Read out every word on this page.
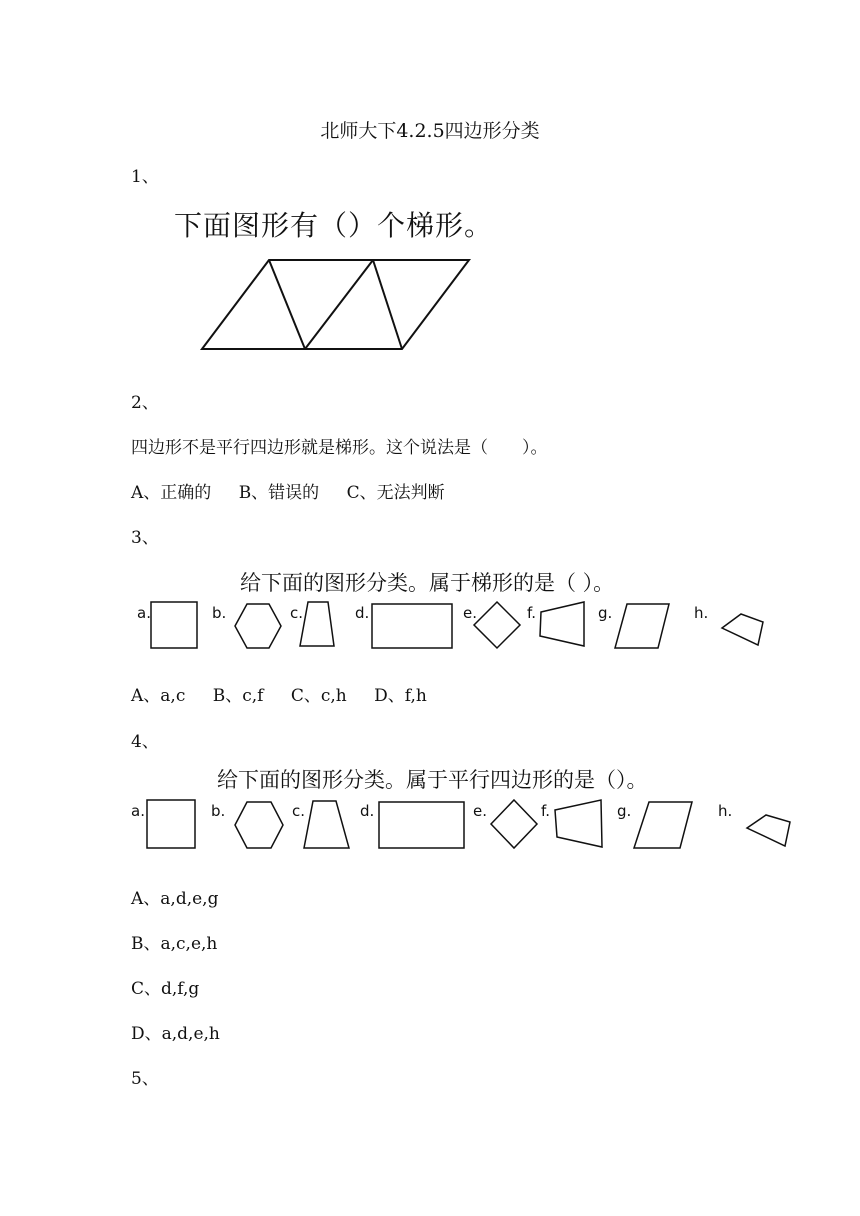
北师大下4.2.5四边形分类
1、
下面图形有（）个梯形。
2、
四边形不是平行四边形就是梯形。这个说法是（　　）。
A、正确的 B、错误的 C、无法判断
3、
给下面的图形分类。属于梯形的是（ ）。
a.	b.	c.	d.	e.	f.	g.	h.
A、a,c B、c,f C、c,h D、f,h
4、
给下面的图形分类。属于平行四边形的是（）。
a.	b.	c.	d.	e.	f.	g.	h.
A、a,d,e,g
B、a,c,e,h
C、d,f,g
D、a,d,e,h
5、
